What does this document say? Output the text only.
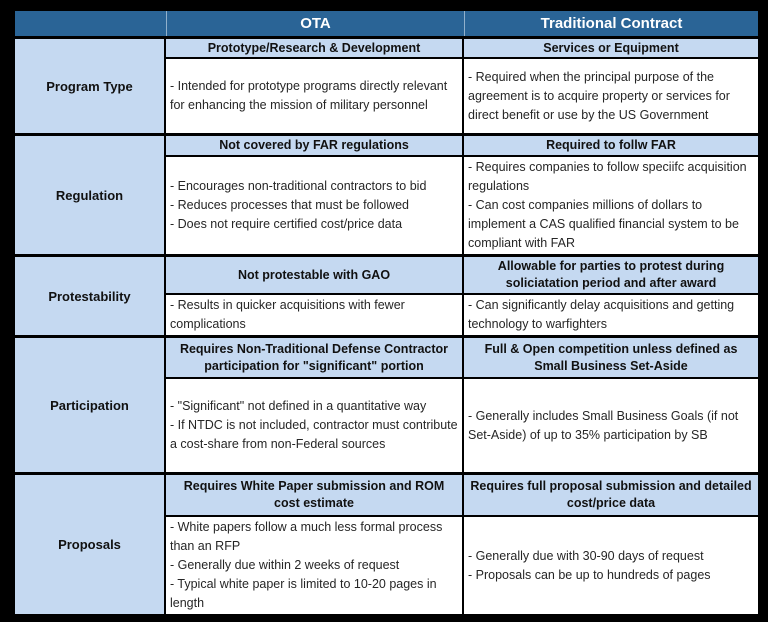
OTA	Traditional Contract
Program Type
Prototype/Research & Development
- Intended for prototype programs directly relevant for enhancing the mission of military personnel
Services or Equipment
- Required when the principal purpose of the agreement is to acquire property or services for direct benefit or use by the US Government
Regulation
Not covered by FAR regulations
- Encourages non-traditional contractors to bid
- Reduces processes that must be followed
- Does not require certified cost/price data
Required to follw FAR
- Requires companies to follow speciifc acquisition regulations
- Can cost companies millions of dollars to implement a CAS qualified financial system to be compliant with FAR
Protestability
Not protestable with GAO
- Results in quicker acquisitions with fewer complications
Allowable for parties to protest during soliciatation period and after award
- Can significantly delay acquisitions and getting technology to warfighters
Participation
Requires Non-Traditional Defense Contractor participation for "significant" portion
- "Significant" not defined in a quantitative way
- If NTDC is not included, contractor must contribute a cost-share from non-Federal sources
Full & Open competition unless defined as Small Business Set-Aside
- Generally includes Small Business Goals (if not Set-Aside) of up to 35% participation by SB
Proposals
Requires White Paper submission and ROM cost estimate
- White papers follow a much less formal process than an RFP
- Generally due within 2 weeks of request
- Typical white paper is limited to 10-20 pages in length
Requires full proposal submission and detailed cost/price data
- Generally due with 30-90 days of request
- Proposals can be up to hundreds of pages
